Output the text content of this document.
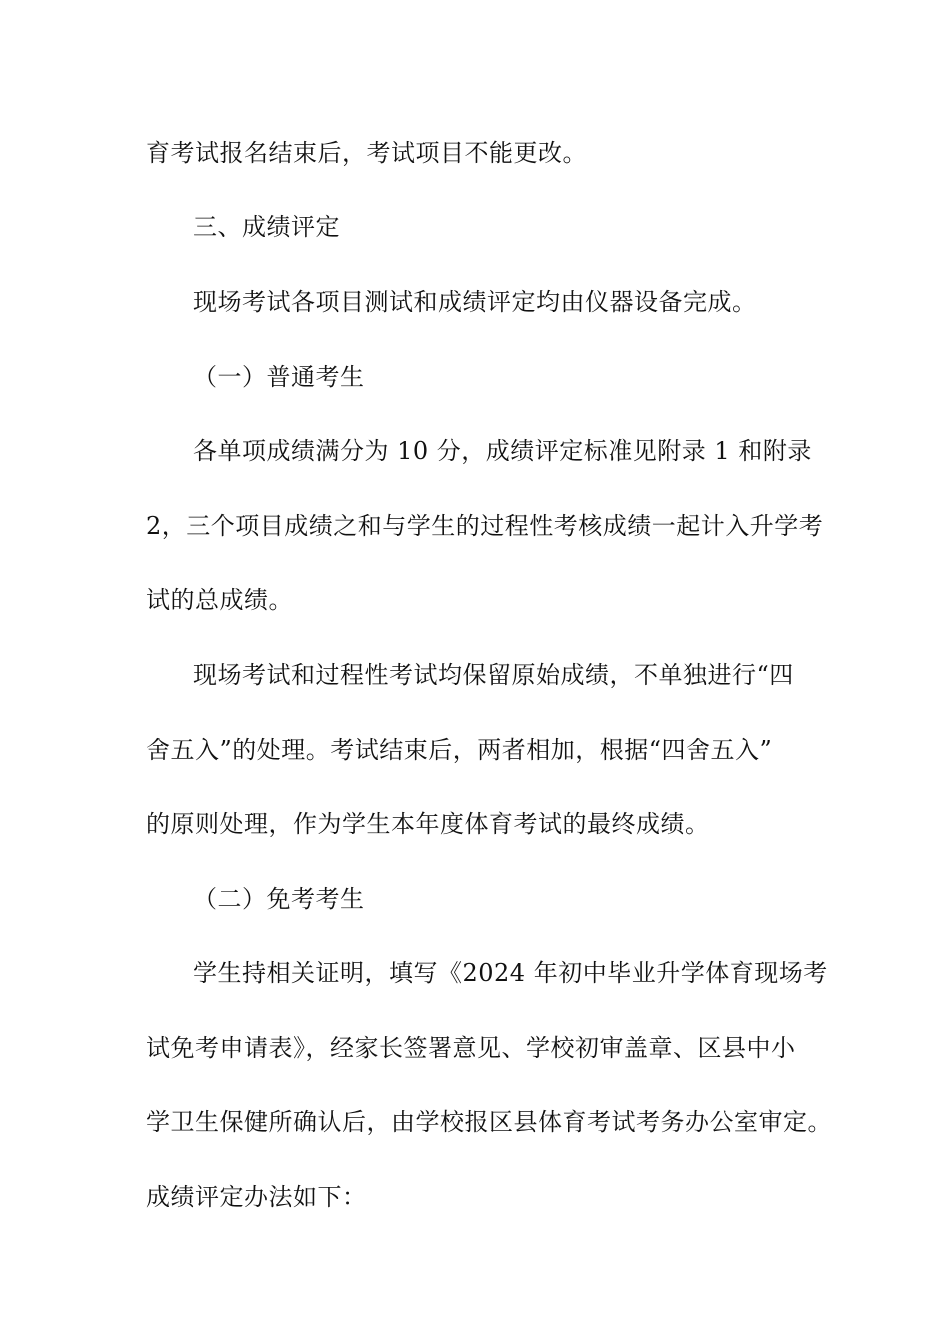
育考试报名结束后，考试项目不能更改。
三、成绩评定
现场考试各项目测试和成绩评定均由仪器设备完成。
（一）普通考生
各单项成绩满分为 10 分，成绩评定标准见附录 1 和附录
2，三个项目成绩之和与学生的过程性考核成绩一起计入升学考
试的总成绩。
现场考试和过程性考试均保留原始成绩，不单独进行“四
舍五入”的处理。考试结束后，两者相加，根据“四舍五入”
的原则处理，作为学生本年度体育考试的最终成绩。
（二）免考考生
学生持相关证明，填写《2024 年初中毕业升学体育现场考
试免考申请表》，经家长签署意见、学校初审盖章、区县中小
学卫生保健所确认后，由学校报区县体育考试考务办公室审定。
成绩评定办法如下：
